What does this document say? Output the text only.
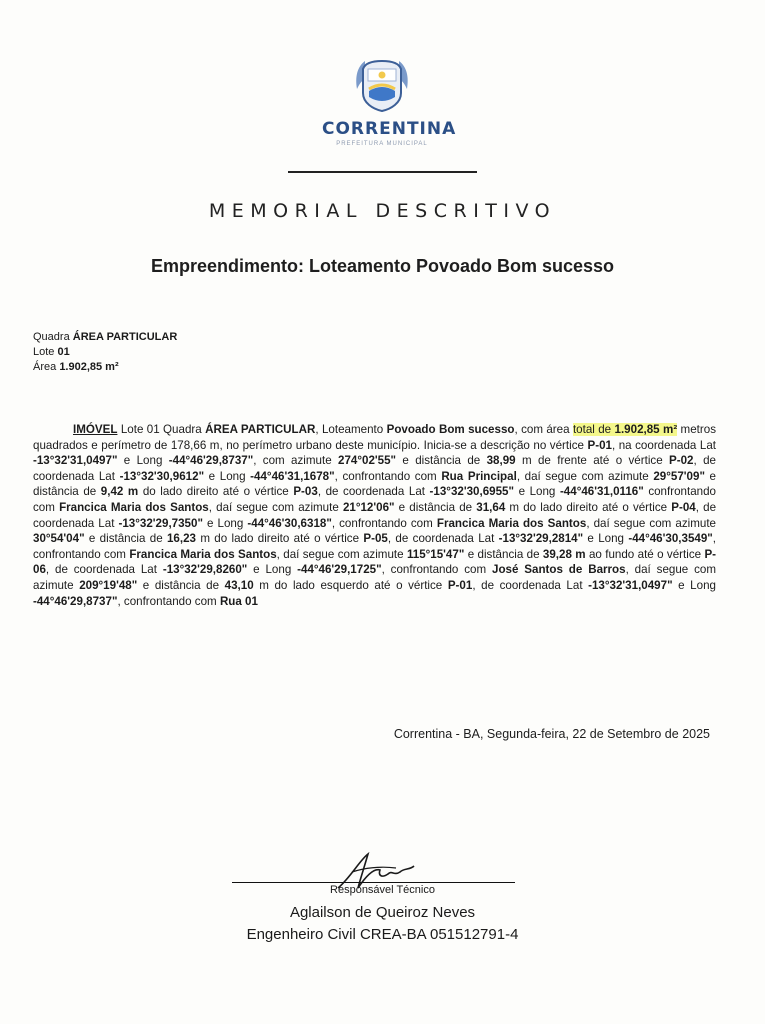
CORRENTINA
PREFEITURA MUNICIPAL
MEMORIAL DESCRITIVO
Empreendimento: Loteamento Povoado Bom sucesso
Quadra ÁREA PARTICULAR
Lote 01
Área 1.902,85 m²
IMÓVEL Lote 01 Quadra ÁREA PARTICULAR, Loteamento Povoado Bom sucesso, com área total de 1.902,85 m² metros quadrados e perímetro de 178,66 m, no perímetro urbano deste município. Inicia-se a descrição no vértice P-01, na coordenada Lat -13°32'31,0497" e Long -44°46'29,8737", com azimute 274°02'55" e distância de 38,99 m de frente até o vértice P-02, de coordenada Lat -13°32'30,9612" e Long -44°46'31,1678", confrontando com Rua Principal, daí segue com azimute 29°57'09" e distância de 9,42 m do lado direito até o vértice P-03, de coordenada Lat -13°32'30,6955" e Long -44°46'31,0116" confrontando com Francica Maria dos Santos, daí segue com azimute 21°12'06" e distância de 31,64 m do lado direito até o vértice P-04, de coordenada Lat -13°32'29,7350" e Long -44°46'30,6318", confrontando com Francica Maria dos Santos, daí segue com azimute 30°54'04" e distância de 16,23 m do lado direito até o vértice P-05, de coordenada Lat -13°32'29,2814" e Long -44°46'30,3549", confrontando com Francica Maria dos Santos, daí segue com azimute 115°15'47" e distância de 39,28 m ao fundo até o vértice P-06, de coordenada Lat -13°32'29,8260" e Long -44°46'29,1725", confrontando com José Santos de Barros, daí segue com azimute 209°19'48" e distância de 43,10 m do lado esquerdo até o vértice P-01, de coordenada Lat -13°32'31,0497" e Long -44°46'29,8737", confrontando com Rua 01
Correntina - BA, Segunda-feira, 22 de Setembro de 2025
Responsável Técnico
Aglailson de Queiroz Neves
Engenheiro Civil CREA-BA 051512791-4
